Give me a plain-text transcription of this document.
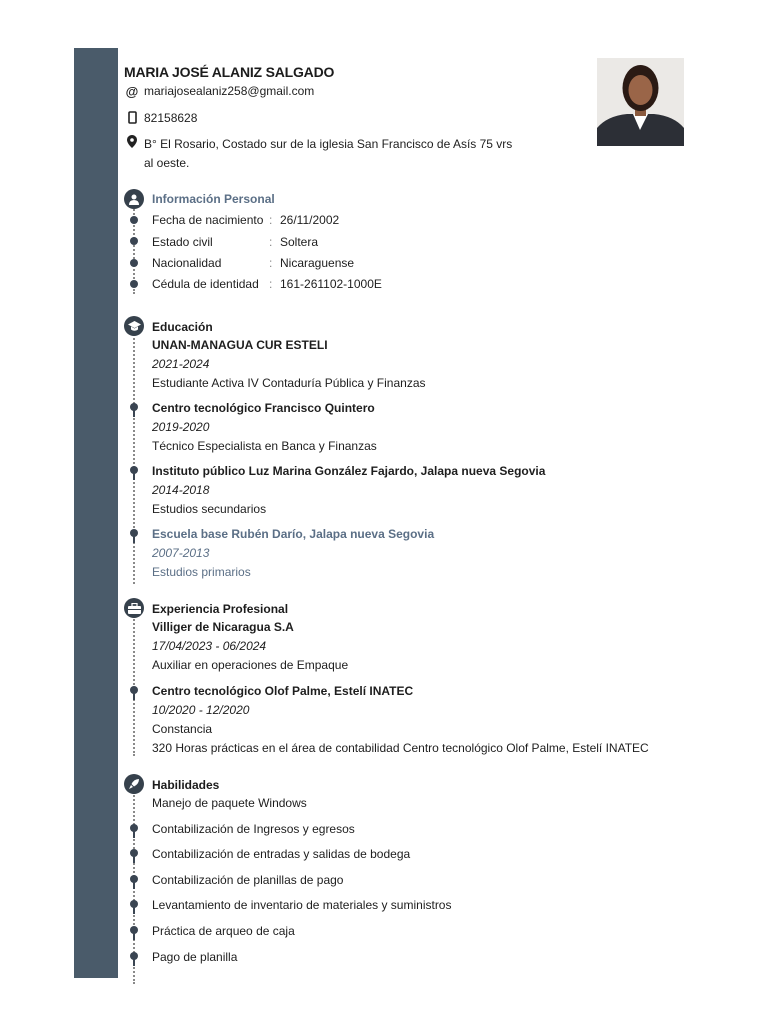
MARIA JOSÉ ALANIZ SALGADO
@ mariajosealaniz258@gmail.com
82158628
B° El Rosario, Costado sur de la iglesia San Francisco de Asís 75 vrs al oeste.
Información Personal
Fecha de nacimiento : 26/11/2002
Estado civil	: Soltera
Nacionalidad	: Nicaraguense
Cédula de identidad : 161-261102-1000E
Educación
UNAN-MANAGUA CUR ESTELI
2021-2024
Estudiante Activa IV Contaduría Pública y Finanzas
Centro tecnológico Francisco Quintero
2019-2020
Técnico Especialista en Banca y Finanzas
Instituto público Luz Marina González Fajardo, Jalapa nueva Segovia
2014-2018
Estudios secundarios
Escuela base Rubén Darío, Jalapa nueva Segovia
2007-2013
Estudios primarios
Experiencia Profesional
Villiger de Nicaragua S.A
17/04/2023 - 06/2024
Auxiliar en operaciones de Empaque
Centro tecnológico Olof Palme, Estelí INATEC
10/2020 - 12/2020
Constancia
320 Horas prácticas en el área de contabilidad Centro tecnológico Olof Palme, Estelí INATEC
Habilidades
Manejo de paquete Windows
Contabilización de Ingresos y egresos
Contabilización de entradas y salidas de bodega
Contabilización de planillas de pago
Levantamiento de inventario de materiales y suministros
Práctica de arqueo de caja
Pago de planilla
